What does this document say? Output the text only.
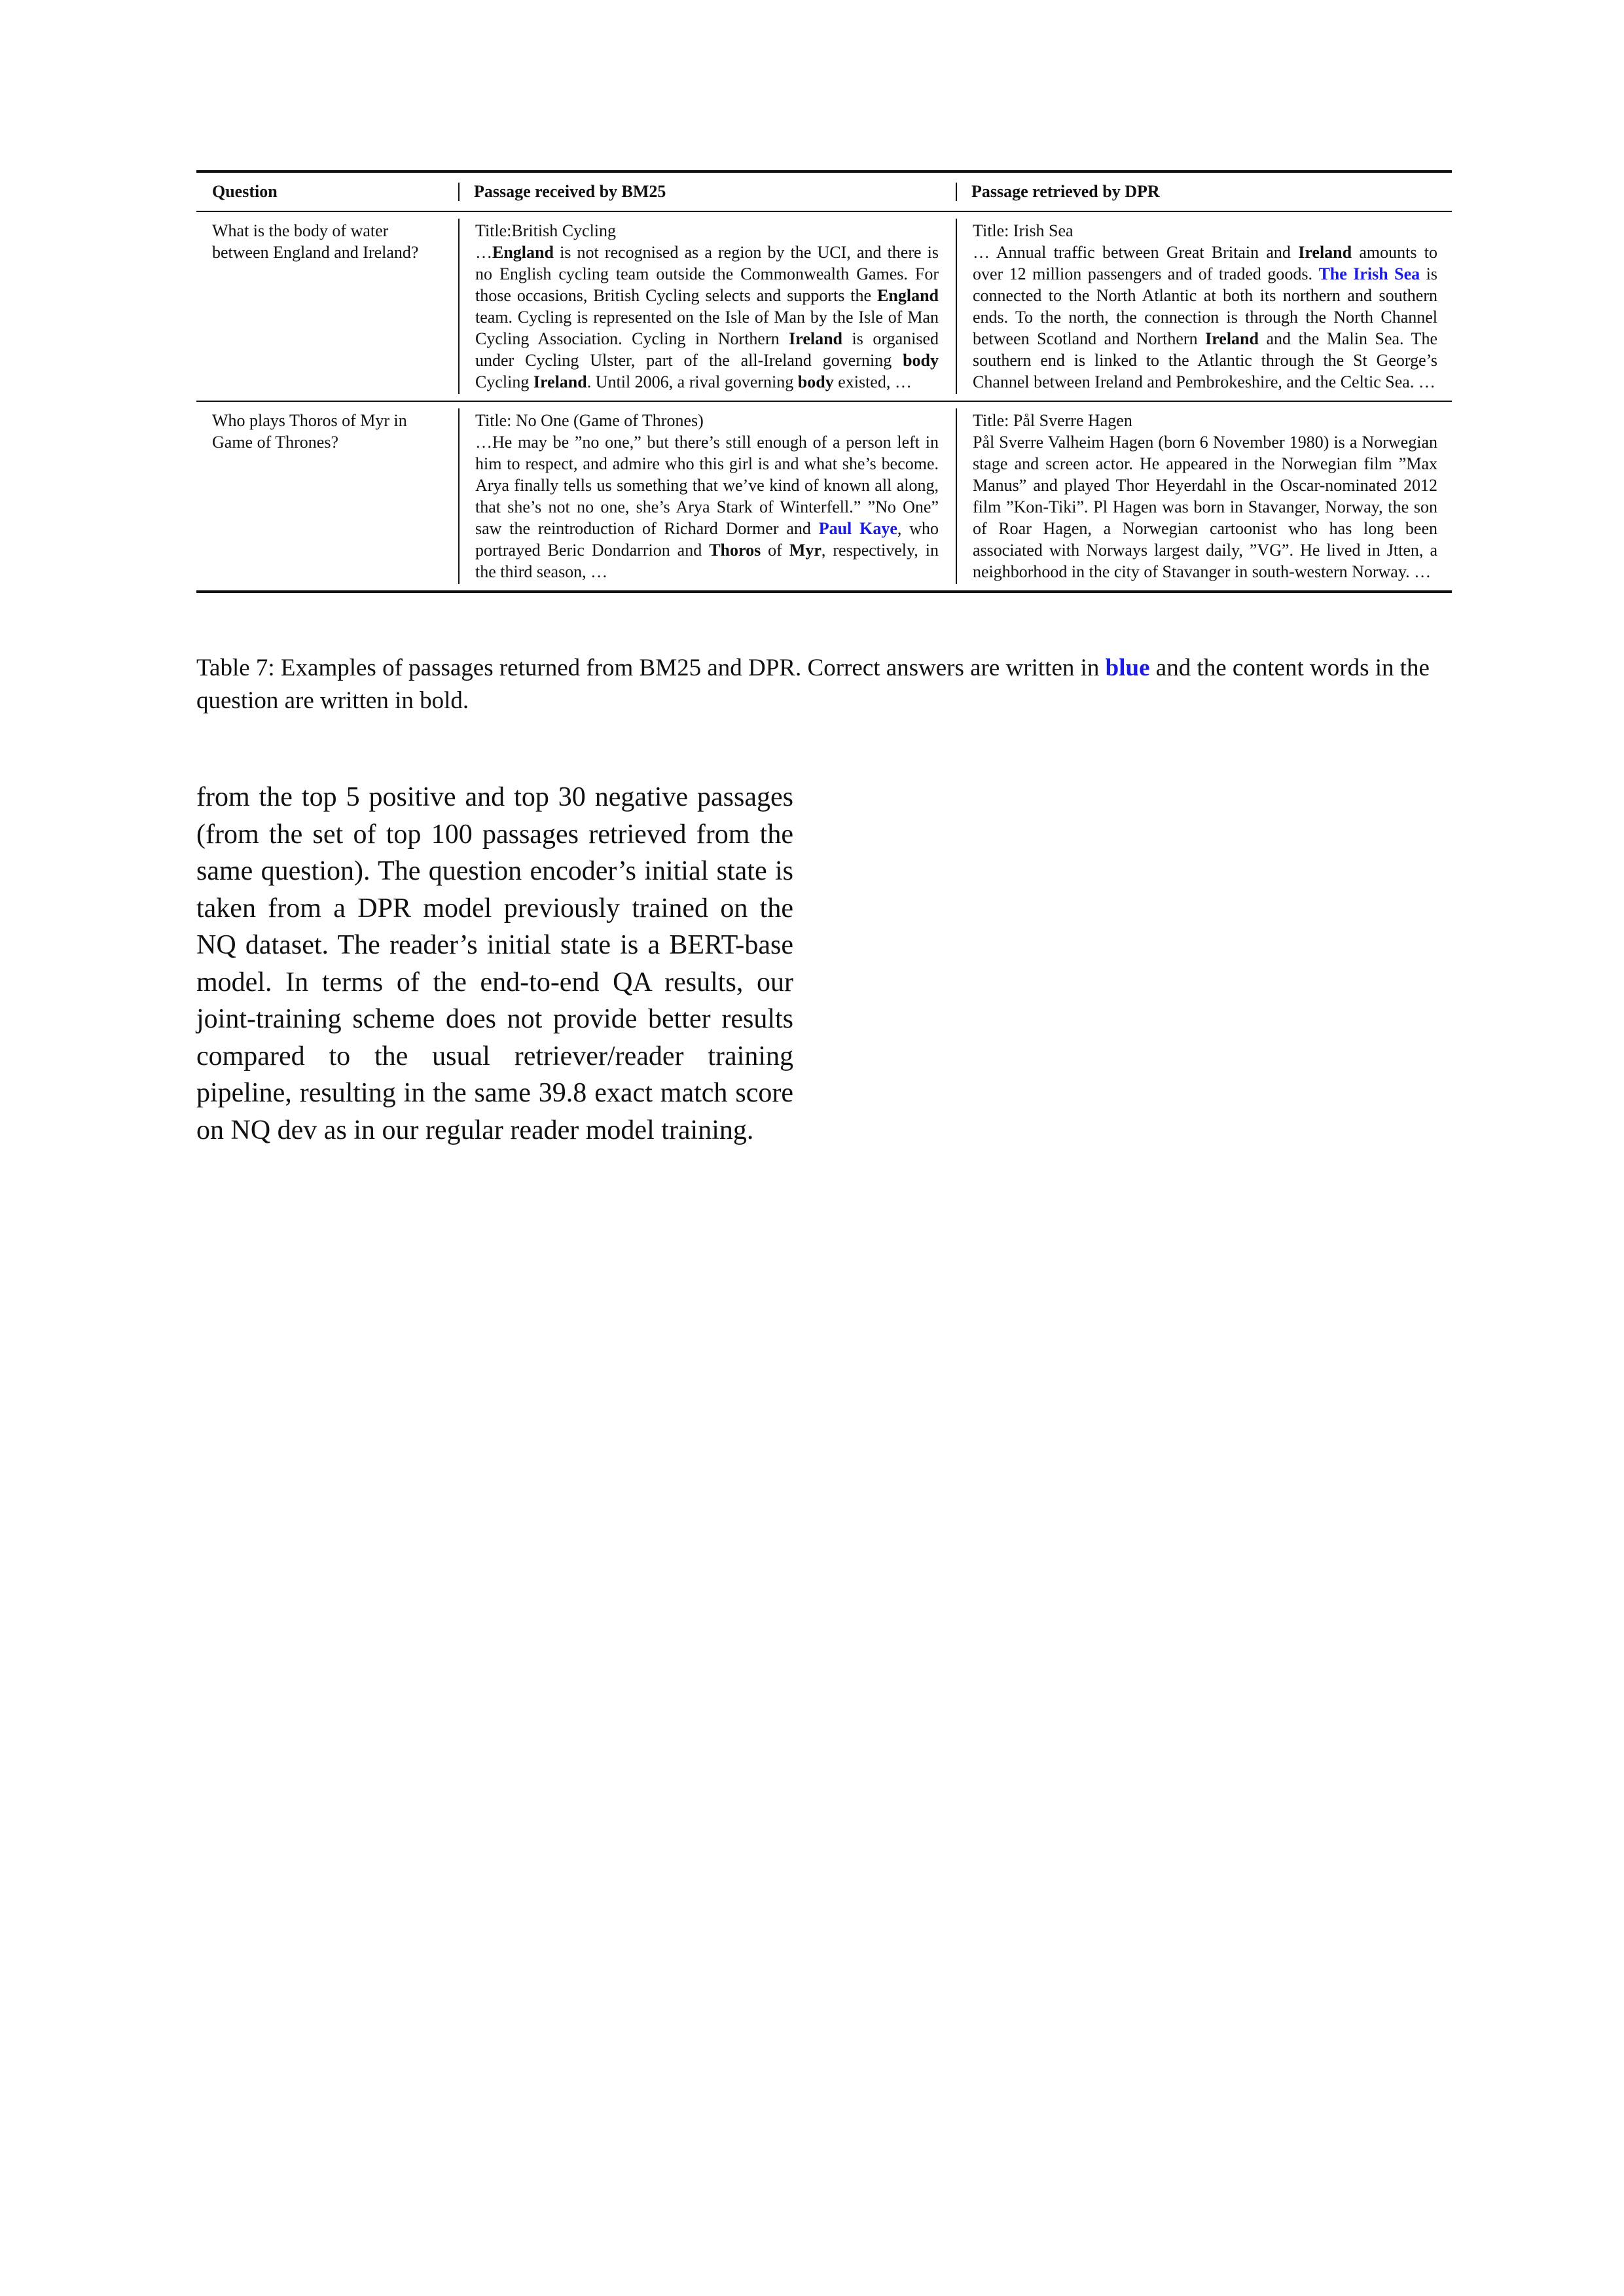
Question	Passage received by BM25	Passage retrieved by DPR
What is the body of water between England and Ireland?
Title:British Cycling
…England is not recognised as a region by the UCI, and there is no English cycling team outside the Commonwealth Games. For those occasions, British Cycling selects and supports the England team. Cycling is represented on the Isle of Man by the Isle of Man Cycling Association. Cycling in Northern Ireland is organised under Cycling Ulster, part of the all-Ireland governing body Cycling Ireland. Until 2006, a rival governing body existed, …
Title: Irish Sea
… Annual traffic between Great Britain and Ireland amounts to over 12 million passengers and of traded goods. The Irish Sea is connected to the North Atlantic at both its northern and southern ends. To the north, the connection is through the North Channel between Scotland and Northern Ireland and the Malin Sea. The southern end is linked to the Atlantic through the St George’s Channel between Ireland and Pembrokeshire, and the Celtic Sea. …
Who plays Thoros of Myr in Game of Thrones?
Title: No One (Game of Thrones)
…He may be ”no one,” but there’s still enough of a person left in him to respect, and admire who this girl is and what she’s become. Arya finally tells us something that we’ve kind of known all along, that she’s not no one, she’s Arya Stark of Winterfell.” ”No One” saw the reintroduction of Richard Dormer and Paul Kaye, who portrayed Beric Dondarrion and Thoros of Myr, respectively, in the third season, …
Title: Pål Sverre Hagen
Pål Sverre Valheim Hagen (born 6 November 1980) is a Norwegian stage and screen actor. He appeared in the Norwegian film ”Max Manus” and played Thor Heyerdahl in the Oscar-nominated 2012 film ”Kon-Tiki”. Pl Hagen was born in Stavanger, Norway, the son of Roar Hagen, a Norwegian cartoonist who has long been associated with Norways largest daily, ”VG”. He lived in Jtten, a neighborhood in the city of Stavanger in south-western Norway. …
Table 7: Examples of passages returned from BM25 and DPR. Correct answers are written in blue and the content words in the question are written in bold.
from the top 5 positive and top 30 negative passages (from the set of top 100 passages retrieved from the same question). The question encoder’s initial state is taken from a DPR model previously trained on the NQ dataset. The reader’s initial state is a BERT-base model. In terms of the end-to-end QA results, our joint-training scheme does not provide better results compared to the usual retriever/reader training pipeline, resulting in the same 39.8 exact match score on NQ dev as in our regular reader model training.
